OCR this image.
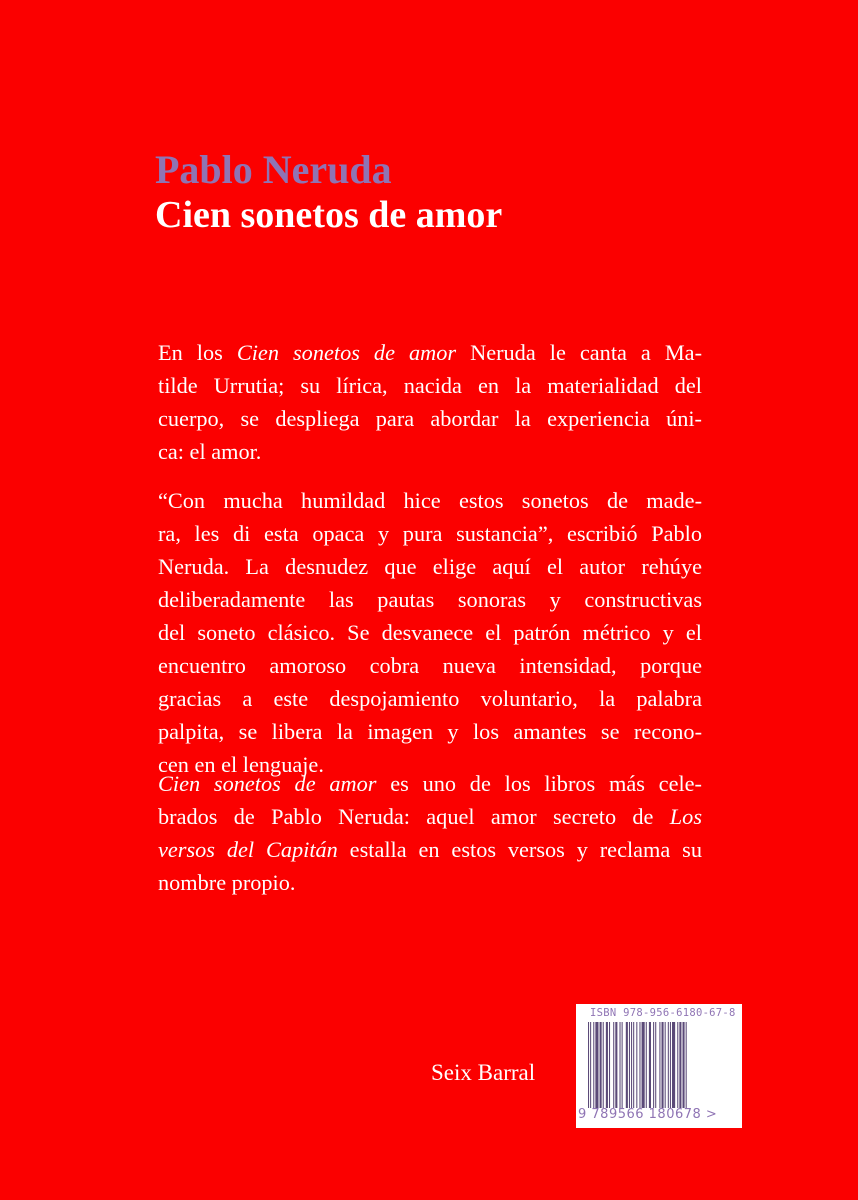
Pablo Neruda
Cien sonetos de amor

En los Cien sonetos de amor Neruda le canta a Ma-
tilde Urrutia; su lírica, nacida en la materialidad del
cuerpo, se despliega para abordar la experiencia úni-
ca: el amor.

“Con mucha humildad hice estos sonetos de made-
ra, les di esta opaca y pura sustancia”, escribió Pablo
Neruda. La desnudez que elige aquí el autor rehúye
deliberadamente las pautas sonoras y constructivas
del soneto clásico. Se desvanece el patrón métrico y el
encuentro amoroso cobra nueva intensidad, porque
gracias a este despojamiento voluntario, la palabra
palpita, se libera la imagen y los amantes se recono-
cen en el lenguaje.

Cien sonetos de amor es uno de los libros más cele-
brados de Pablo Neruda: aquel amor secreto de Los
versos del Capitán estalla en estos versos y reclama su
nombre propio.

Seix Barral
ISBN 978-956-6180-67-8
9 789566 180678 >
